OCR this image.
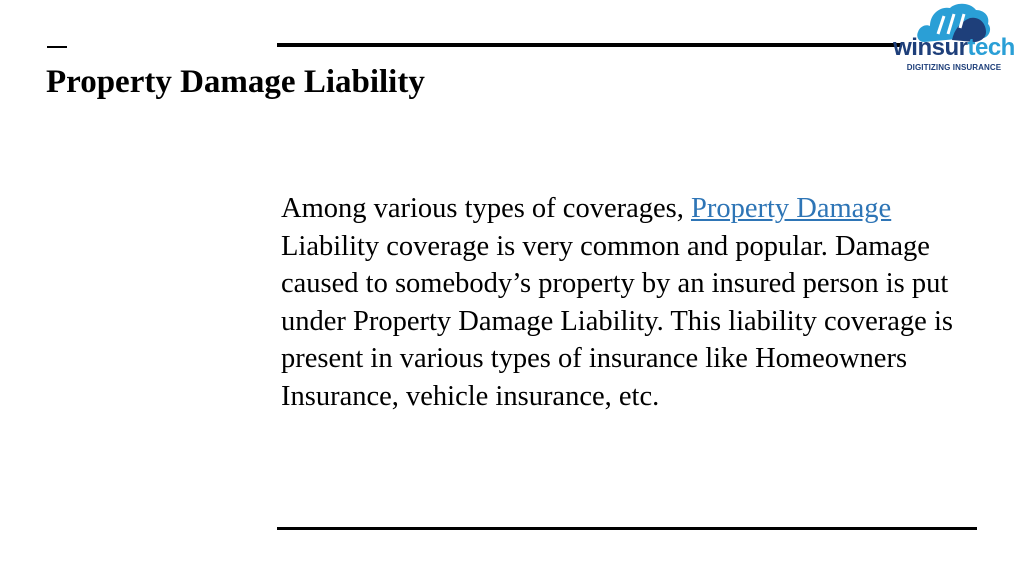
Property Damage Liability

Among various types of coverages, Property Damage Liability coverage is very common and popular. Damage caused to somebody’s property by an insured person is put under Property Damage Liability. This liability coverage is present in various types of insurance like Homeowners Insurance, vehicle insurance, etc.

winsurtech
DIGITIZING INSURANCE
